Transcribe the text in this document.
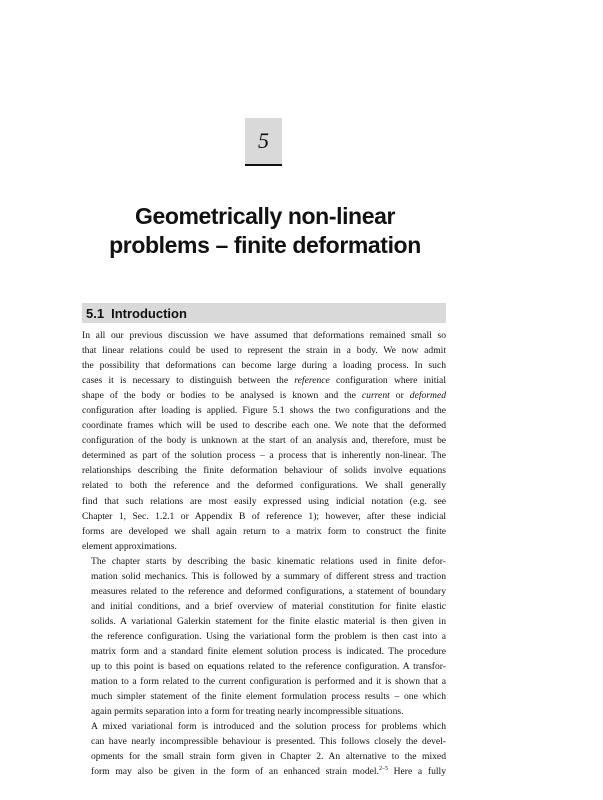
5
Geometrically non-linear
problems – finite deformation
5.1 Introduction
In all our previous discussion we have assumed that deformations remained small so
that linear relations could be used to represent the strain in a body. We now admit
the possibility that deformations can become large during a loading process. In such
cases it is necessary to distinguish between the reference configuration where initial
shape of the body or bodies to be analysed is known and the current or deformed
configuration after loading is applied. Figure 5.1 shows the two configurations and the
coordinate frames which will be used to describe each one. We note that the deformed
configuration of the body is unknown at the start of an analysis and, therefore, must be
determined as part of the solution process – a process that is inherently non-linear. The
relationships describing the finite deformation behaviour of solids involve equations
related to both the reference and the deformed configurations. We shall generally
find that such relations are most easily expressed using indicial notation (e.g. see
Chapter 1, Sec. 1.2.1 or Appendix B of reference 1); however, after these indicial
forms are developed we shall again return to a matrix form to construct the finite
element approximations.
The chapter starts by describing the basic kinematic relations used in finite defor-
mation solid mechanics. This is followed by a summary of different stress and traction
measures related to the reference and deformed configurations, a statement of boundary
and initial conditions, and a brief overview of material constitution for finite elastic
solids. A variational Galerkin statement for the finite elastic material is then given in
the reference configuration. Using the variational form the problem is then cast into a
matrix form and a standard finite element solution process is indicated. The procedure
up to this point is based on equations related to the reference configuration. A transfor-
mation to a form related to the current configuration is performed and it is shown that a
much simpler statement of the finite element formulation process results – one which
again permits separation into a form for treating nearly incompressible situations.
A mixed variational form is introduced and the solution process for problems which
can have nearly incompressible behaviour is presented. This follows closely the devel-
opments for the small strain form given in Chapter 2. An alternative to the mixed
form may also be given in the form of an enhanced strain model.$^{2-5}$ Here a fully
